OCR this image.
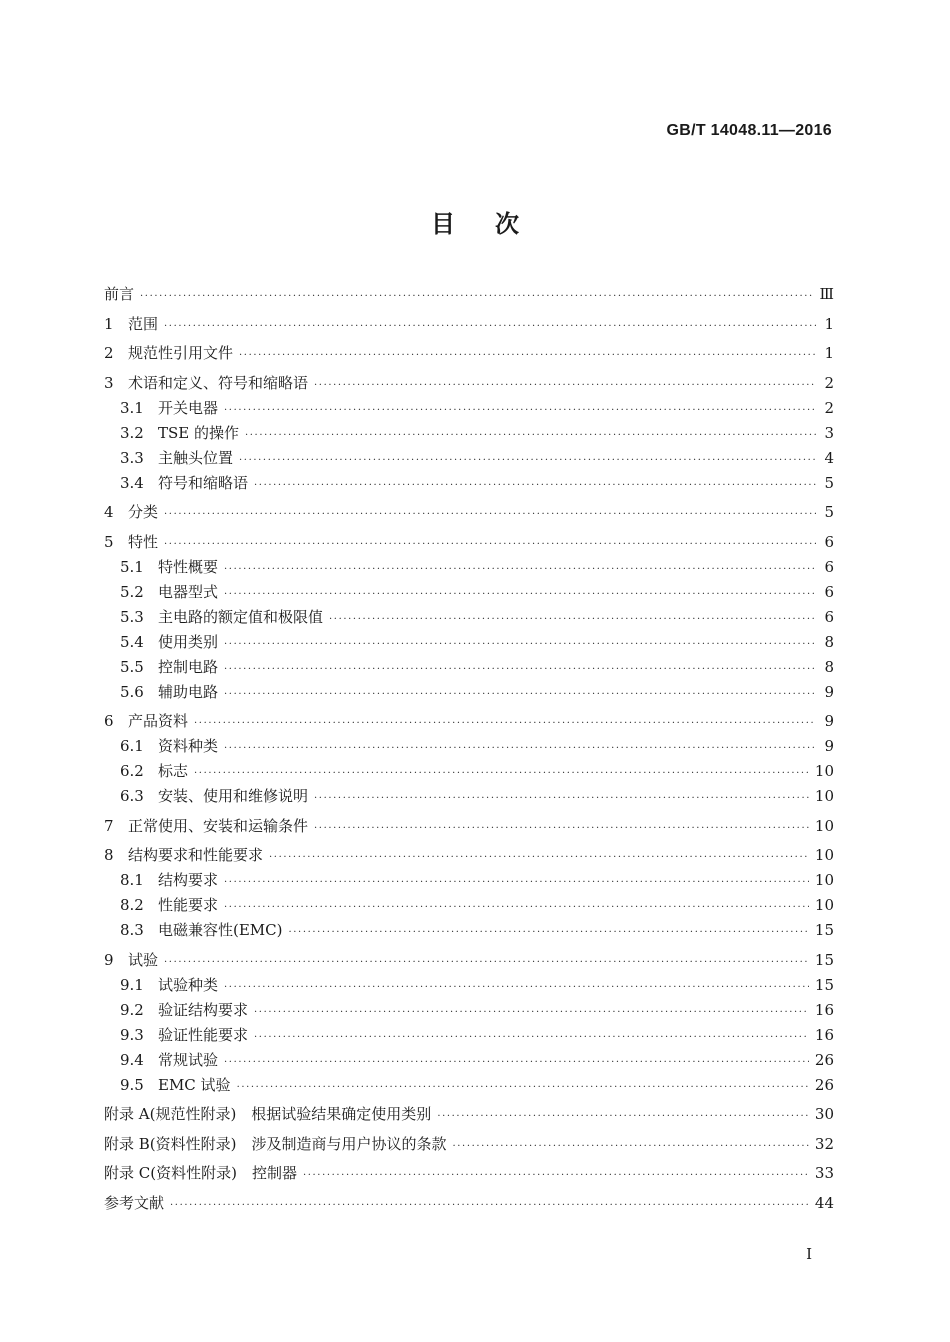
GB/T 14048.11—2016
目 次
前言 ·····	Ⅲ
1 范围 ·····	1
2 规范性引用文件 ·····	1
3 术语和定义、符号和缩略语 ·····	2
3.1 开关电器 ·····	2
3.2 TSE 的操作 ·····	3
3.3 主触头位置 ·····	4
3.4 符号和缩略语 ·····	5
4 分类 ·····	5
5 特性 ·····	6
5.1 特性概要 ·····	6
5.2 电器型式 ·····	6
5.3 主电路的额定值和极限值 ·····	6
5.4 使用类别 ·····	8
5.5 控制电路 ·····	8
5.6 辅助电路 ·····	9
6 产品资料 ·····	9
6.1 资料种类 ·····	9
6.2 标志 ·····	10
6.3 安装、使用和维修说明 ·····	10
7 正常使用、安装和运输条件 ·····	10
8 结构要求和性能要求 ·····	10
8.1 结构要求 ·····	10
8.2 性能要求 ·····	10
8.3 电磁兼容性(EMC) ·····	15
9 试验 ·····	15
9.1 试验种类 ·····	15
9.2 验证结构要求 ·····	16
9.3 验证性能要求 ·····	16
9.4 常规试验 ·····	26
9.5 EMC 试验 ·····	26
附录 A(规范性附录)　根据试验结果确定使用类别 ·····	30
附录 B(资料性附录)　涉及制造商与用户协议的条款 ·····	32
附录 C(资料性附录)　控制器 ·····	33
参考文献 ·····	44
I
